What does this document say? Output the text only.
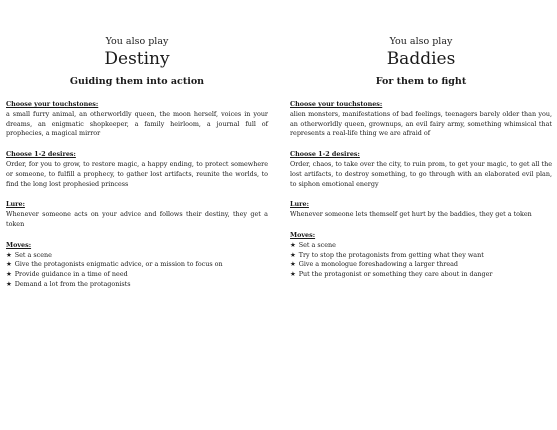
You also play
Destiny
Guiding them into action
Choose your touchstones:
a small furry animal, an otherworldly queen, the moon herself, voices in your dreams, an enigmatic shopkeeper, a family heirloom, a journal full of prophecies, a magical mirror
Choose 1-2 desires:
Order, for you to grow, to restore magic, a happy ending, to protect somewhere or someone, to fulfill a prophecy, to gather lost artifacts, reunite the worlds, to find the long lost prophesied princess
Lure:
Whenever someone acts on your advice and follows their destiny, they get a token
Moves:
★ Set a scene
★ Give the protagonists enigmatic advice, or a mission to focus on
★ Provide guidance in a time of need
★ Demand a lot from the protagonists
You also play
Baddies
For them to fight
Choose your touchstones:
alien monsters, manifestations of bad feelings, teenagers barely older than you, an otherworldly queen, grownups, an evil fairy army, something whimsical that represents a real-life thing we are afraid of
Choose 1-2 desires:
Order, chaos, to take over the city, to ruin prom, to get your magic, to get all the lost artifacts, to destroy something, to go through with an elaborated evil plan, to siphon emotional energy
Lure:
Whenever someone lets themself get hurt by the baddies, they get a token
Moves:
★ Set a scene
★ Try to stop the protagonists from getting what they want
★ Give a monologue foreshadowing a larger thread
★ Put the protagonist or something they care about in danger
